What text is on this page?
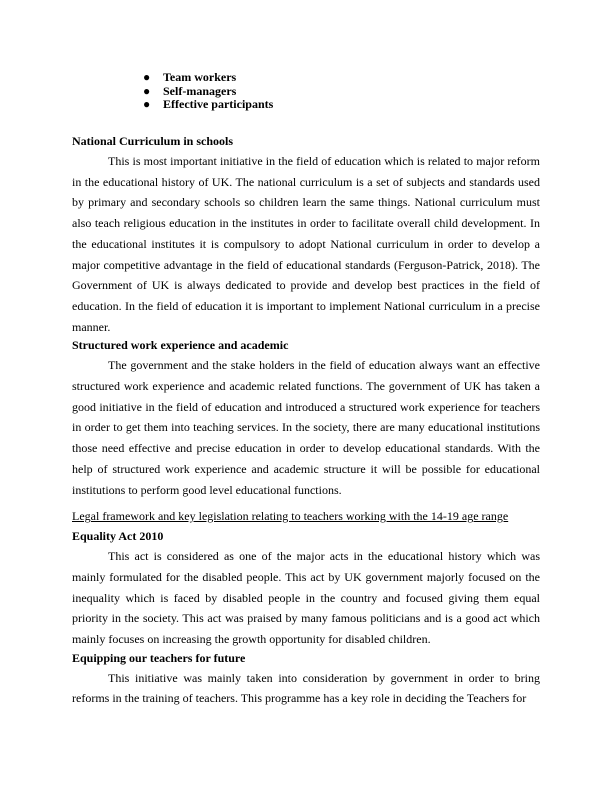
● Team workers
● Self-managers
● Effective participants

National Curriculum in schools

This is most important initiative in the field of education which is related to major reform in the educational history of UK. The national curriculum is a set of subjects and standards used by primary and secondary schools so children learn the same things. National curriculum must also teach religious education in the institutes in order to facilitate overall child development. In the educational institutes it is compulsory to adopt National curriculum in order to develop a major competitive advantage in the field of educational standards (Ferguson-Patrick, 2018). The Government of UK is always dedicated to provide and develop best practices in the field of education. In the field of education it is important to implement National curriculum in a precise manner.

Structured work experience and academic

The government and the stake holders in the field of education always want an effective structured work experience and academic related functions. The government of UK has taken a good initiative in the field of education and introduced a structured work experience for teachers in order to get them into teaching services. In the society, there are many educational institutions those need effective and precise education in order to develop educational standards. With the help of structured work experience and academic structure it will be possible for educational institutions to perform good level educational functions.

Legal framework and key legislation relating to teachers working with the 14-19 age range

Equality Act 2010

This act is considered as one of the major acts in the educational history which was mainly formulated for the disabled people. This act by UK government majorly focused on the inequality which is faced by disabled people in the country and focused giving them equal priority in the society. This act was praised by many famous politicians and is a good act which mainly focuses on increasing the growth opportunity for disabled children.

Equipping our teachers for future

This initiative was mainly taken into consideration by government in order to bring reforms in the training of teachers. This programme has a key role in deciding the Teachers for
